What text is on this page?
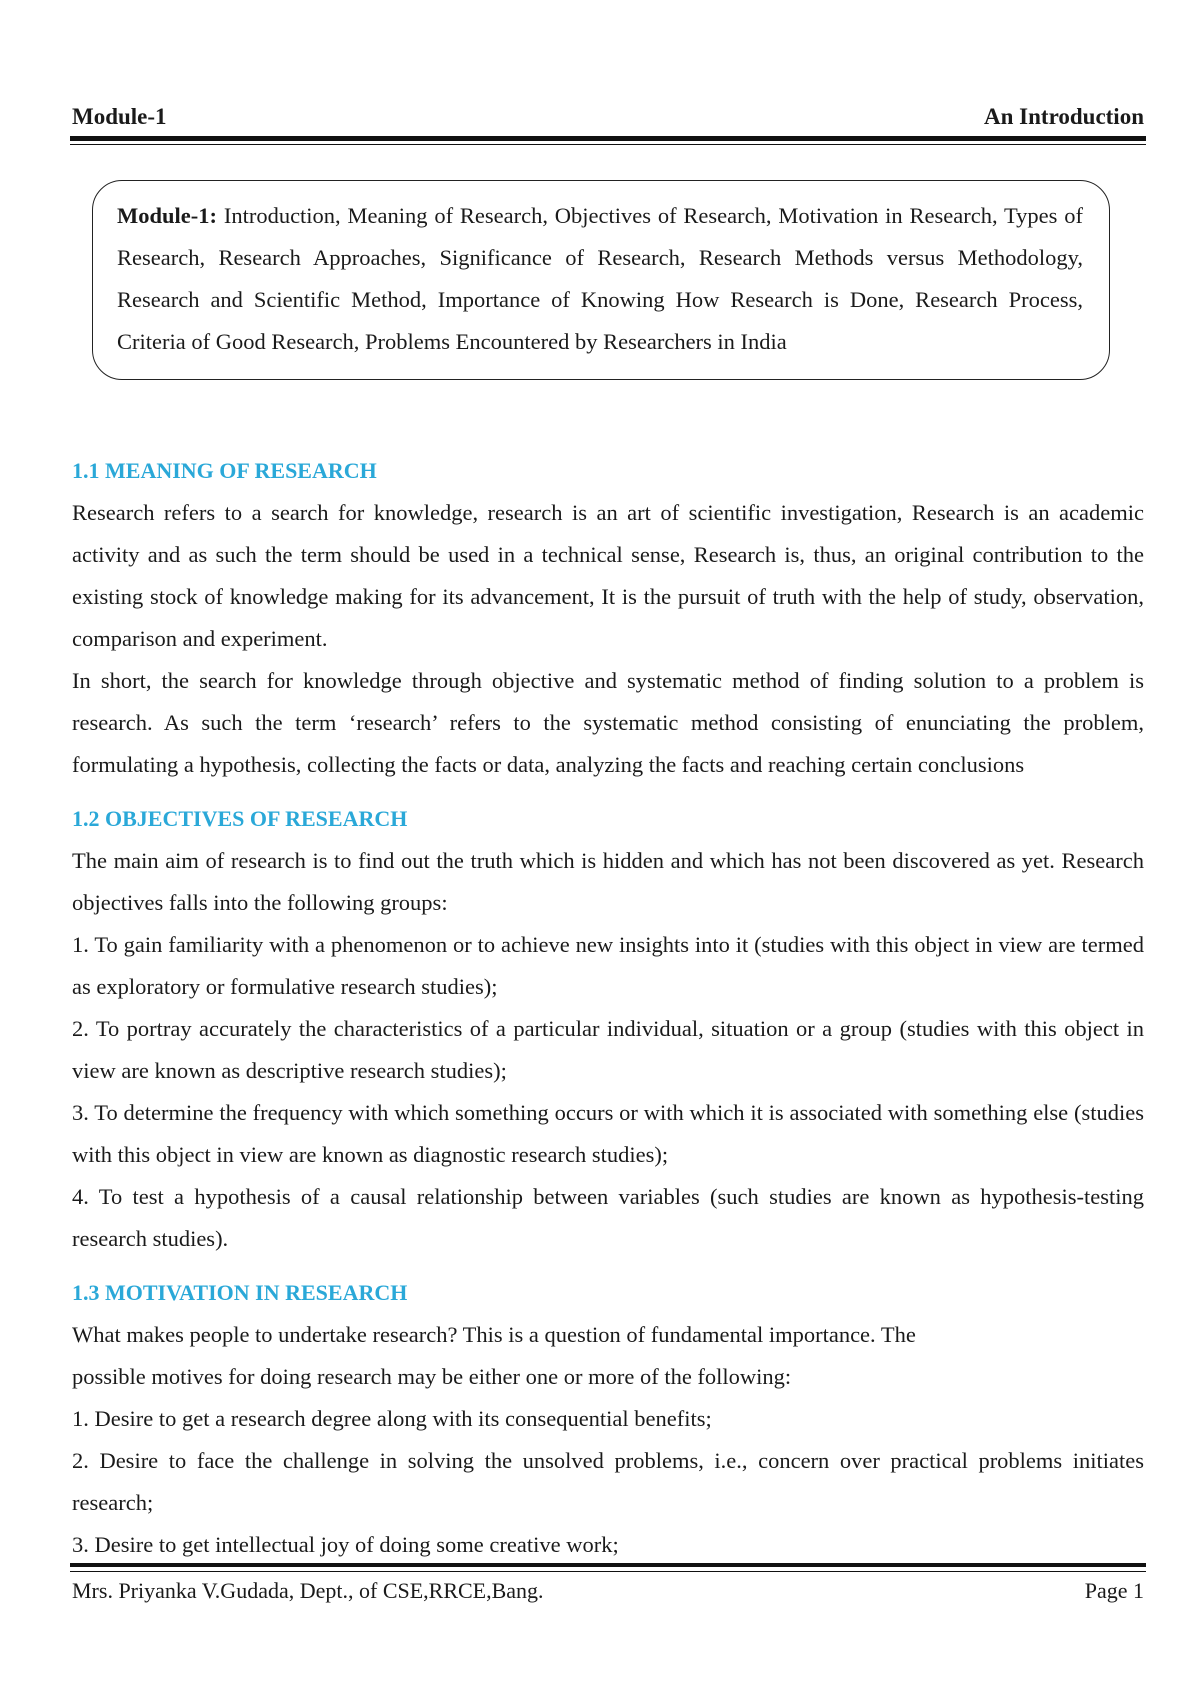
Module-1	An Introduction
Module-1: Introduction, Meaning of Research, Objectives of Research, Motivation in Research, Types of Research, Research Approaches, Significance of Research, Research Methods versus Methodology, Research and Scientific Method, Importance of Knowing How Research is Done, Research Process, Criteria of Good Research, Problems Encountered by Researchers in India
1.1 MEANING OF RESEARCH

Research refers to a search for knowledge, research is an art of scientific investigation, Research is an academic activity and as such the term should be used in a technical sense, Research is, thus, an original contribution to the existing stock of knowledge making for its advancement, It is the pursuit of truth with the help of study, observation, comparison and experiment.

In short, the search for knowledge through objective and systematic method of finding solution to a problem is research. As such the term ‘research’ refers to the systematic method consisting of enunciating the problem, formulating a hypothesis, collecting the facts or data, analyzing the facts and reaching certain conclusions

1.2 OBJECTIVES OF RESEARCH

The main aim of research is to find out the truth which is hidden and which has not been discovered as yet. Research objectives falls into the following groups:

1. To gain familiarity with a phenomenon or to achieve new insights into it (studies with this object in view are termed as exploratory or formulative research studies);

2. To portray accurately the characteristics of a particular individual, situation or a group (studies with this object in view are known as descriptive research studies);

3. To determine the frequency with which something occurs or with which it is associated with something else (studies with this object in view are known as diagnostic research studies);

4. To test a hypothesis of a causal relationship between variables (such studies are known as hypothesis-testing research studies).

1.3 MOTIVATION IN RESEARCH

What makes people to undertake research? This is a question of fundamental importance. The

possible motives for doing research may be either one or more of the following:

1. Desire to get a research degree along with its consequential benefits;

2. Desire to face the challenge in solving the unsolved problems, i.e., concern over practical problems initiates research;

3. Desire to get intellectual joy of doing some creative work;

Mrs. Priyanka V.Gudada, Dept., of CSE,RRCE,Bang.	Page 1
